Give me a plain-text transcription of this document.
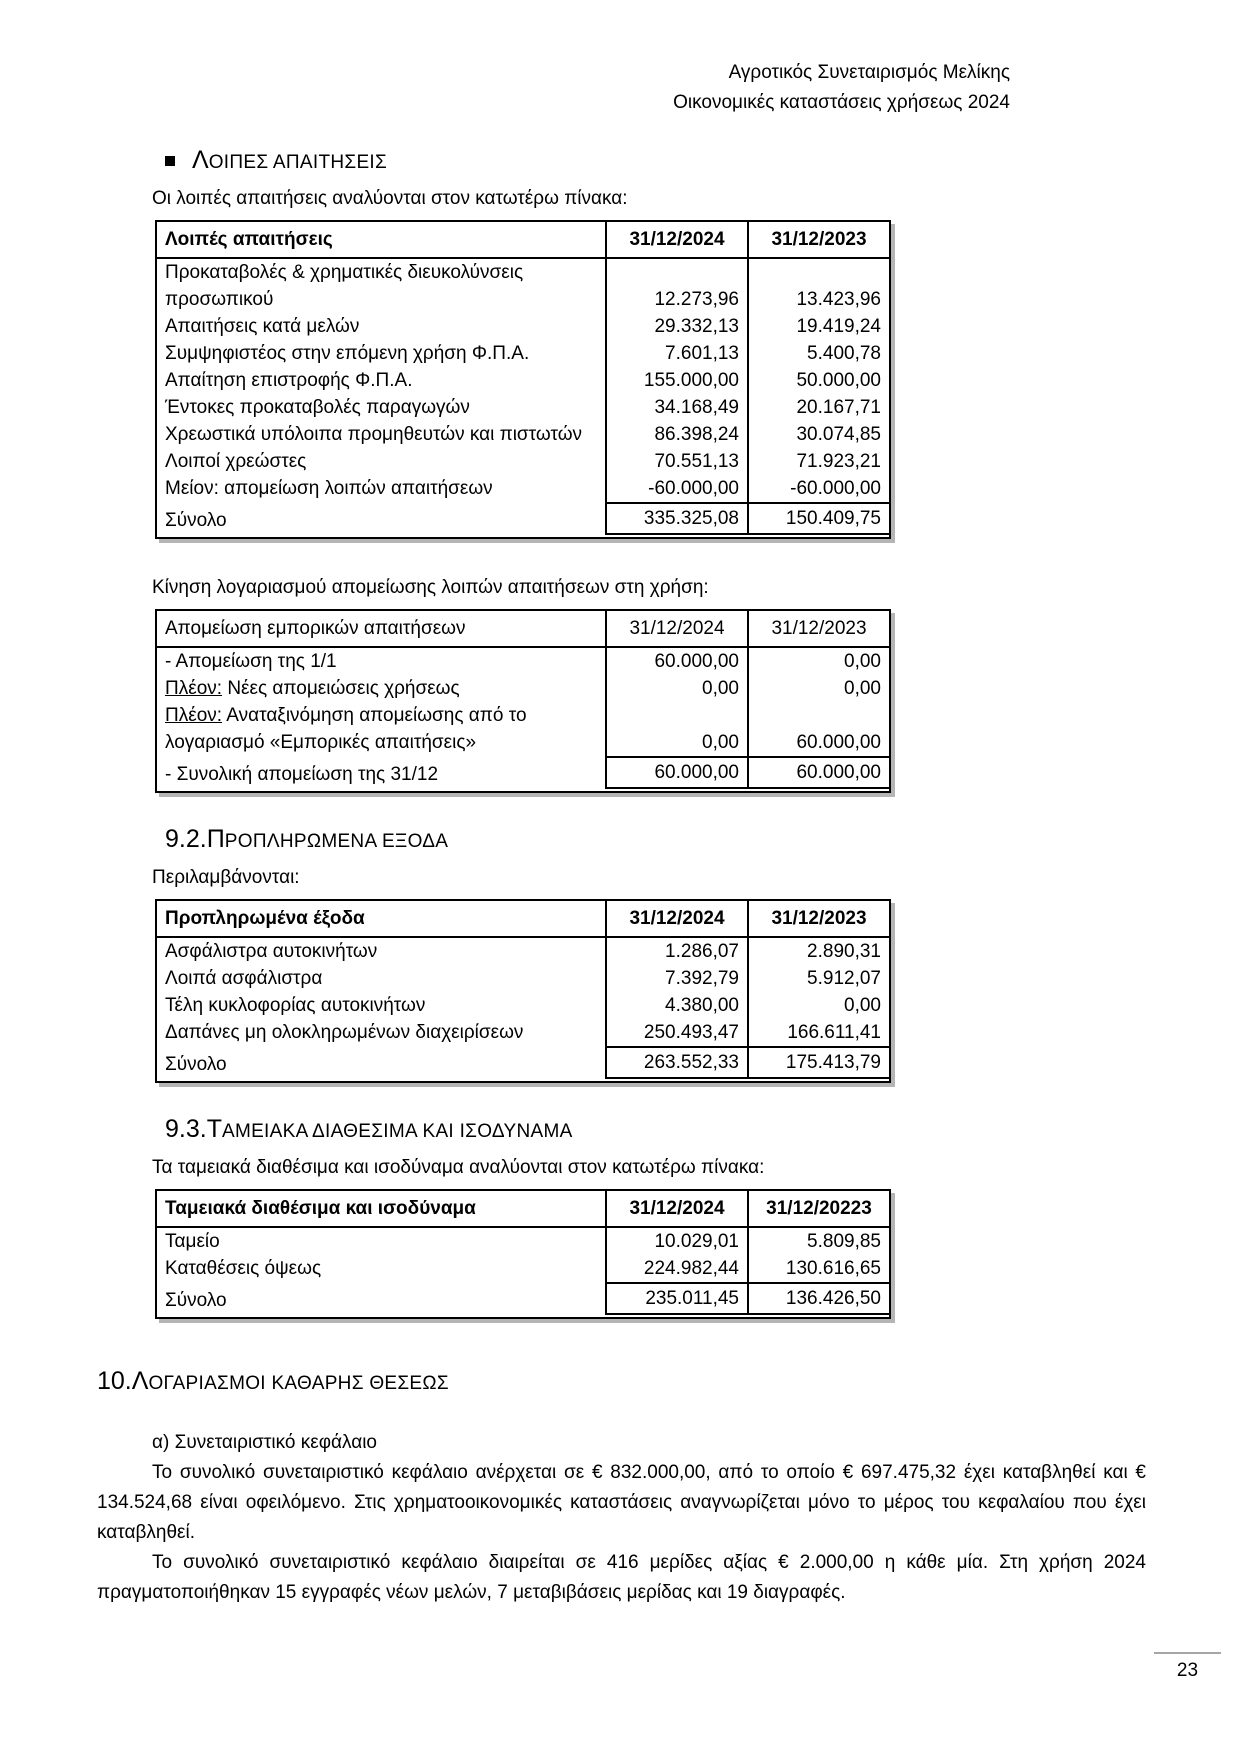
Αγροτικός Συνεταιρισμός Μελίκης
Οικονομικές καταστάσεις χρήσεως 2024
ΛΟΙΠΕΣ ΑΠΑΙΤΗΣΕΙΣ
Οι λοιπές απαιτήσεις αναλύονται στον κατωτέρω πίνακα:
Λοιπές απαιτήσεις	31/12/2024	31/12/2023
Προκαταβολές & χρηματικές διευκολύνσεις προσωπικού	12.273,96	13.423,96
Απαιτήσεις κατά μελών	29.332,13	19.419,24
Συμψηφιστέος στην επόμενη χρήση Φ.Π.Α.	7.601,13	5.400,78
Απαίτηση επιστροφής Φ.Π.Α.	155.000,00	50.000,00
Έντοκες προκαταβολές παραγωγών	34.168,49	20.167,71
Χρεωστικά υπόλοιπα προμηθευτών και πιστωτών	86.398,24	30.074,85
Λοιποί χρεώστες	70.551,13	71.923,21
Μείον: απομείωση λοιπών απαιτήσεων	-60.000,00	-60.000,00
Σύνολο	335.325,08	150.409,75
Κίνηση λογαριασμού απομείωσης λοιπών απαιτήσεων στη χρήση:
Απομείωση εμπορικών απαιτήσεων	31/12/2024	31/12/2023
- Απομείωση της 1/1	60.000,00	0,00
Πλέον: Νέες απομειώσεις χρήσεως	0,00	0,00
Πλέον: Αναταξινόμηση απομείωσης από το λογαριασμό «Εμπορικές απαιτήσεις»	0,00	60.000,00
- Συνολική απομείωση της 31/12	60.000,00	60.000,00
9.2.ΠΡΟΠΛΗΡΩΜΕΝΑ ΕΞΟΔΑ
Περιλαμβάνονται:
Προπληρωμένα έξοδα	31/12/2024	31/12/2023
Ασφάλιστρα αυτοκινήτων	1.286,07	2.890,31
Λοιπά ασφάλιστρα	7.392,79	5.912,07
Τέλη κυκλοφορίας αυτοκινήτων	4.380,00	0,00
Δαπάνες μη ολοκληρωμένων διαχειρίσεων	250.493,47	166.611,41
Σύνολο	263.552,33	175.413,79
9.3.ΤΑΜΕΙΑΚΑ ΔΙΑΘΕΣΙΜΑ ΚΑΙ ΙΣΟΔΥΝΑΜΑ
Τα ταμειακά διαθέσιμα και ισοδύναμα αναλύονται στον κατωτέρω πίνακα:
Ταμειακά διαθέσιμα και ισοδύναμα	31/12/2024	31/12/20223
Ταμείο	10.029,01	5.809,85
Καταθέσεις όψεως	224.982,44	130.616,65
Σύνολο	235.011,45	136.426,50
10.ΛΟΓΑΡΙΑΣΜΟΙ ΚΑΘΑΡΗΣ ΘΕΣΕΩΣ
α) Συνεταιριστικό κεφάλαιο

Το συνολικό συνεταιριστικό κεφάλαιο ανέρχεται σε € 832.000,00, από το οποίο € 697.475,32 έχει καταβληθεί και € 134.524,68 είναι οφειλόμενο. Στις χρηματοοικονομικές καταστάσεις αναγνωρίζεται μόνο το μέρος του κεφαλαίου που έχει καταβληθεί.

Το συνολικό συνεταιριστικό κεφάλαιο διαιρείται σε 416 μερίδες αξίας € 2.000,00 η κάθε μία. Στη χρήση 2024 πραγματοποιήθηκαν 15 εγγραφές νέων μελών, 7 μεταβιβάσεις μερίδας και 19 διαγραφές.

23
